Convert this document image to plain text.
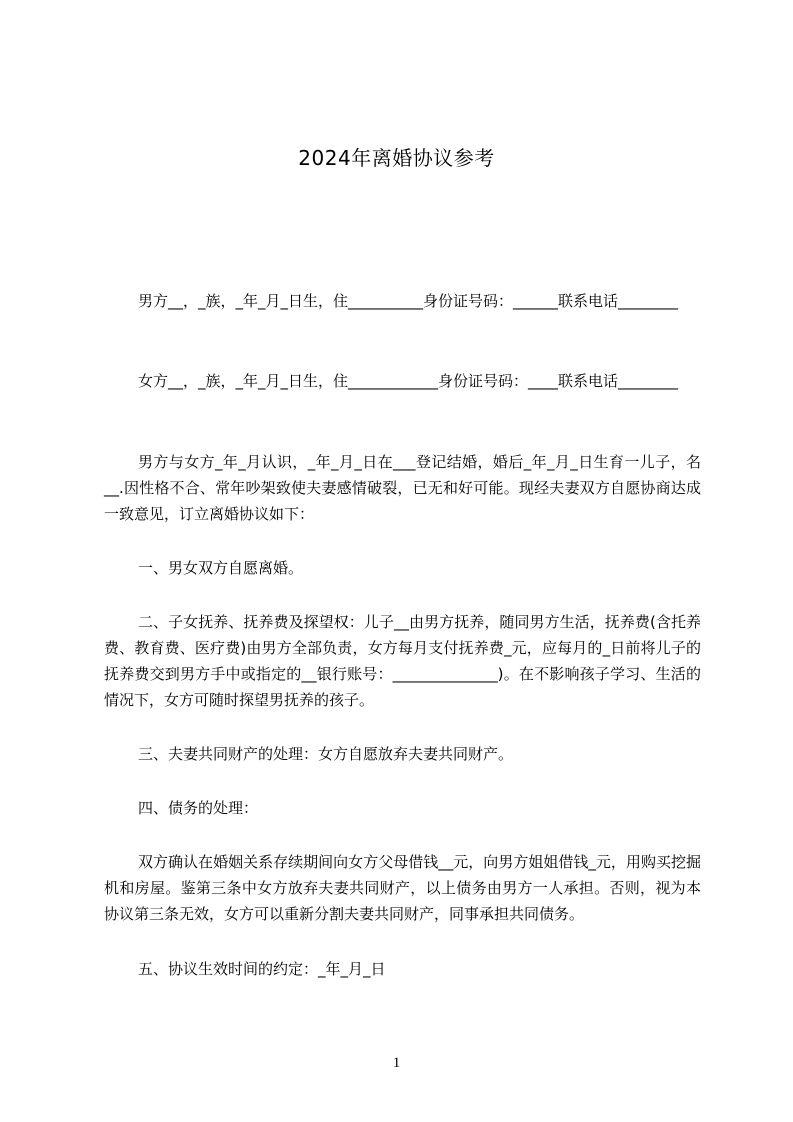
2024年离婚协议参考
男方__，_族，_年_月_日生，住__________身份证号码：______联系电话________
女方__，_族，_年_月_日生，住____________身份证号码：____联系电话________
男方与女方_年_月认识，_年_月_日在___登记结婚，婚后_年_月_日生育一儿子，名__.因性格不合、常年吵架致使夫妻感情破裂，已无和好可能。现经夫妻双方自愿协商达成一致意见，订立离婚协议如下：
一、男女双方自愿离婚。
二、子女抚养、抚养费及探望权：儿子__由男方抚养，随同男方生活，抚养费(含托养费、教育费、医疗费)由男方全部负责，女方每月支付抚养费_元，应每月的_日前将儿子的抚养费交到男方手中或指定的__银行账号：______________)。在不影响孩子学习、生活的情况下，女方可随时探望男抚养的孩子。
三、夫妻共同财产的处理：女方自愿放弃夫妻共同财产。
四、债务的处理：
双方确认在婚姻关系存续期间向女方父母借钱__元，向男方姐姐借钱_元，用购买挖掘机和房屋。鉴第三条中女方放弃夫妻共同财产，以上债务由男方一人承担。否则，视为本协议第三条无效，女方可以重新分割夫妻共同财产，同事承担共同债务。
五、协议生效时间的约定：_年_月_日
1
